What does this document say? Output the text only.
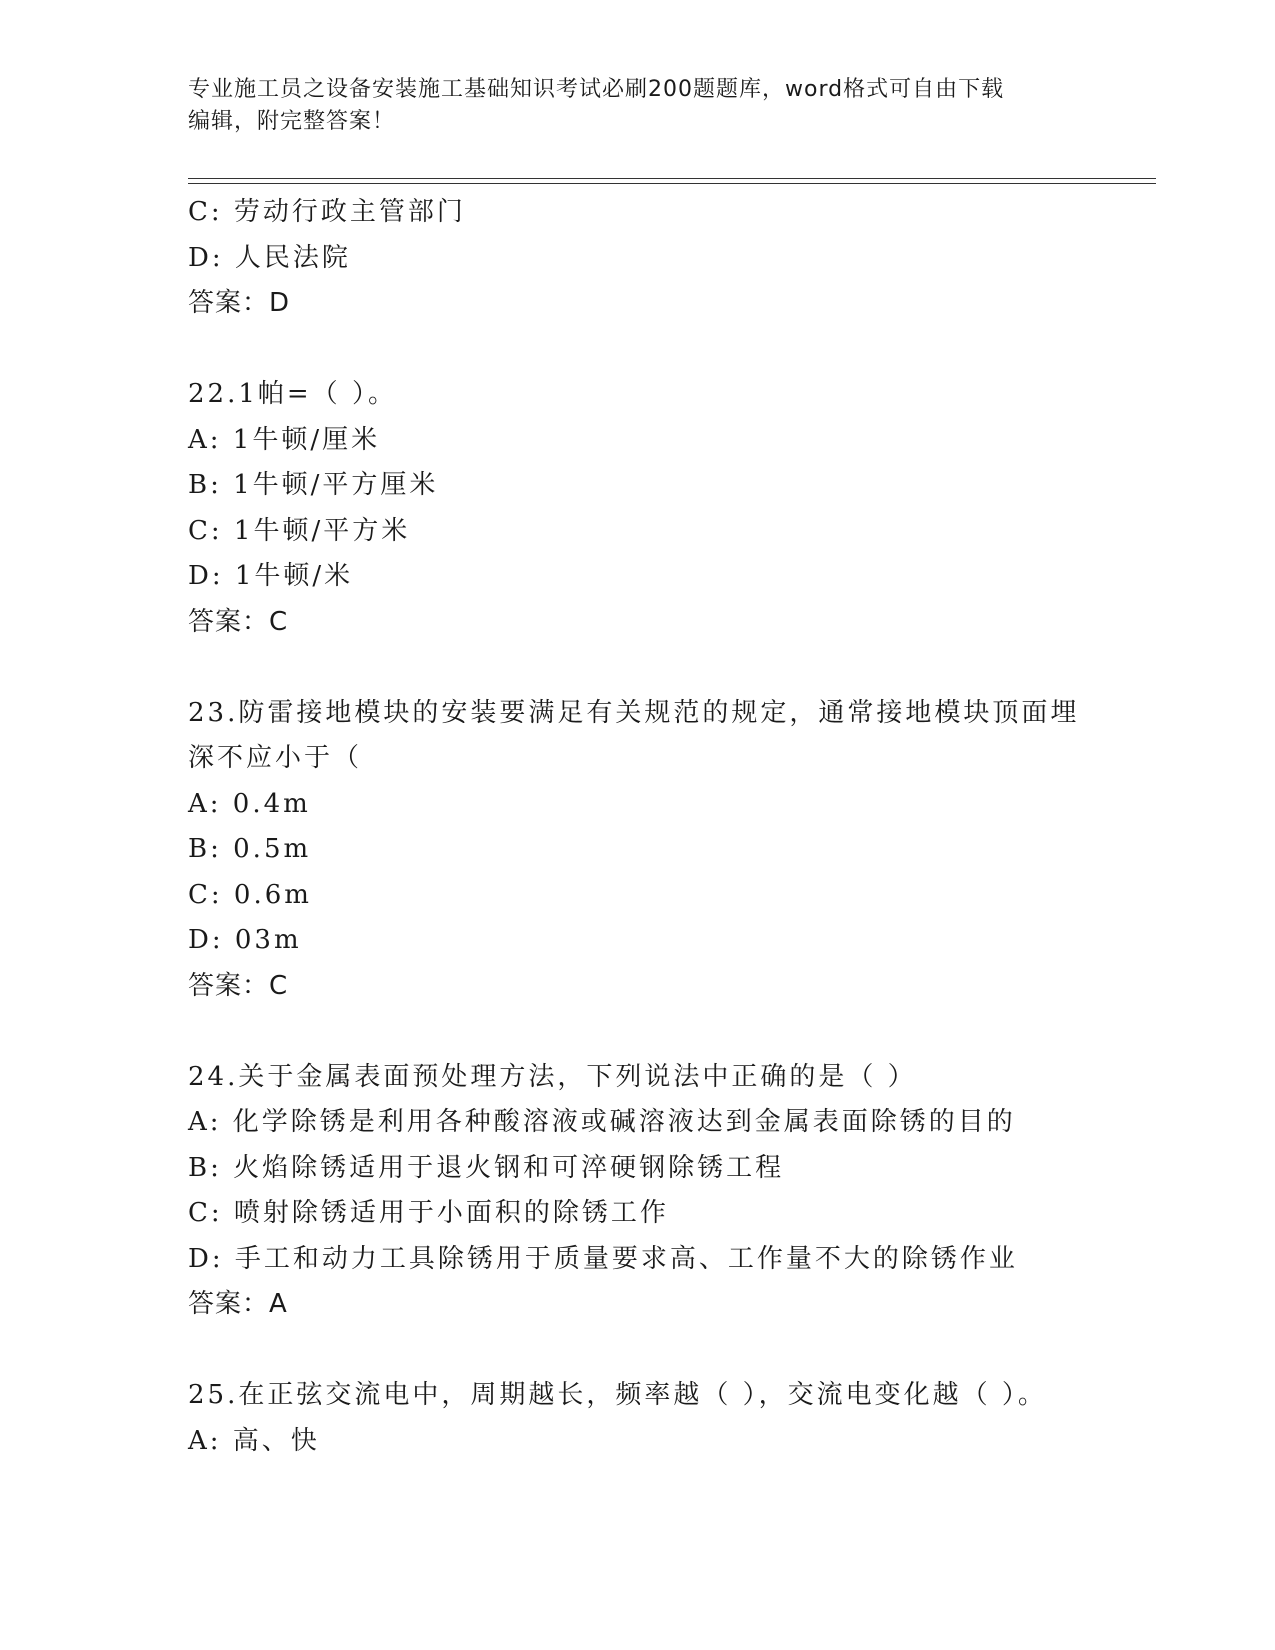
专业施工员之设备安装施工基础知识考试必刷200题题库，word格式可自由下载
编辑，附完整答案！
C: 劳动行政主管部门
D: 人民法院
答案：D
22.1帕=（ ）。
A: 1牛顿/厘米
B: 1牛顿/平方厘米
C: 1牛顿/平方米
D: 1牛顿/米
答案：C
23.防雷接地模块的安装要满足有关规范的规定，通常接地模块顶面埋
深不应小于（
A: 0.4m
B: 0.5m
C: 0.6m
D: 03m
答案：C
24.关于金属表面预处理方法，下列说法中正确的是（ ）
A: 化学除锈是利用各种酸溶液或碱溶液达到金属表面除锈的目的
B: 火焰除锈适用于退火钢和可淬硬钢除锈工程
C: 喷射除锈适用于小面积的除锈工作
D: 手工和动力工具除锈用于质量要求高、工作量不大的除锈作业
答案：A
25.在正弦交流电中，周期越长，频率越（ ），交流电变化越（ ）。
A: 高、快
